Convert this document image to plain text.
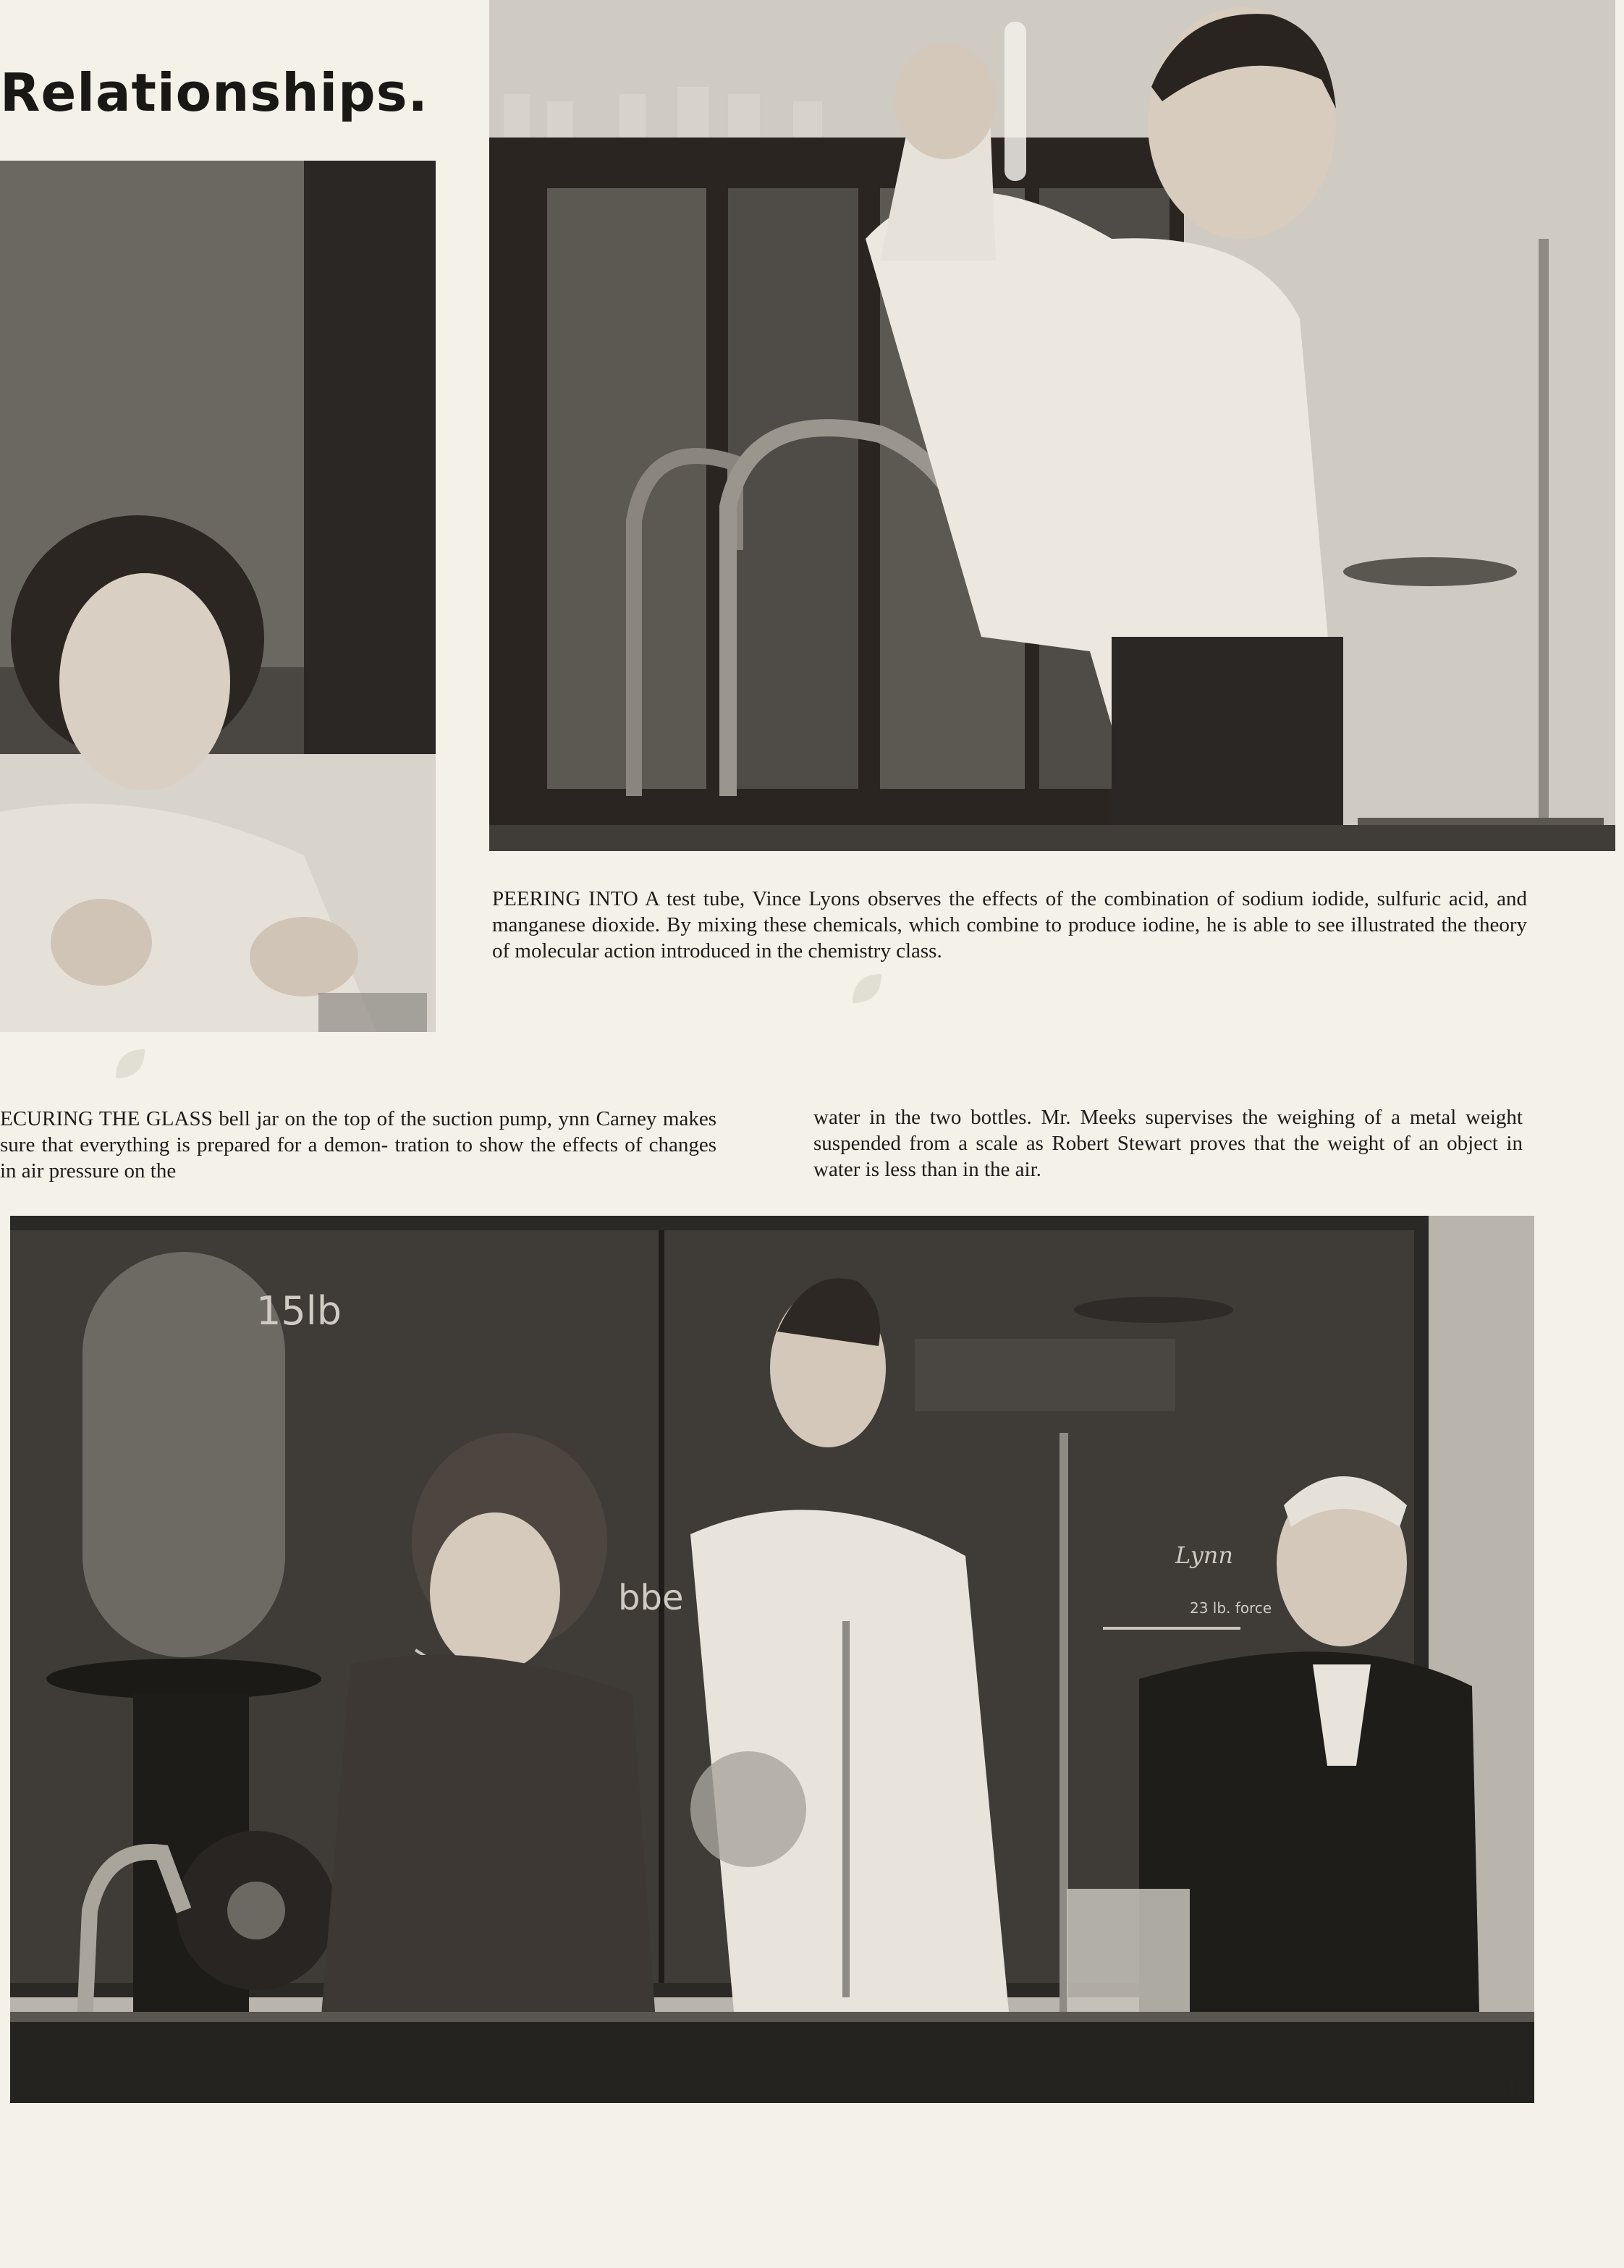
Relationships.
PEERING INTO A test tube, Vince Lyons observes the effects of the combination of sodium iodide, sulfuric acid, and manganese dioxide. By mixing these chemicals, which combine to produce iodine, he is able to see illustrated the theory of molecular action introduced in the chemistry class.
ECURING THE GLASS bell jar on the top of the suction pump, ynn Carney makes sure that everything is prepared for a demon- tration to show the effects of changes in air pressure on the
water in the two bottles. Mr. Meeks supervises the weighing of a metal weight suspended from a scale as Robert Stewart proves that the weight of an object in water is less than in the air.
15lb
bbe
Lynn
23 lb. force
31
